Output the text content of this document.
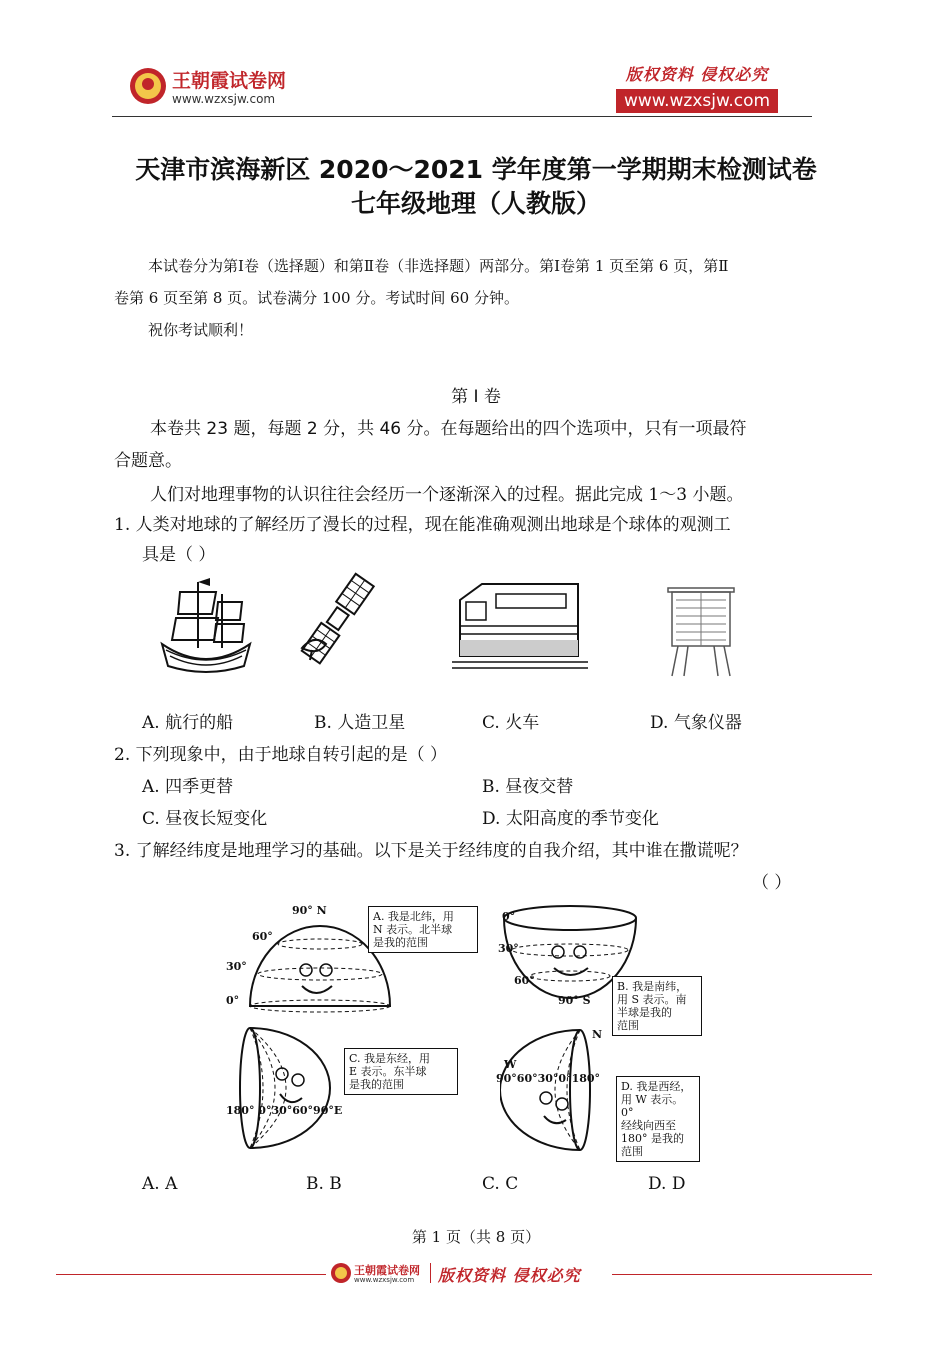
王朝霞试卷网
www.wzxsjw.com
版权资料 侵权必究
www.wzxsjw.com
天津市滨海新区 2020～2021 学年度第一学期期末检测试卷
七年级地理（人教版）
本试卷分为第Ⅰ卷（选择题）和第Ⅱ卷（非选择题）两部分。第Ⅰ卷第 1 页至第 6 页，第Ⅱ
卷第 6 页至第 8 页。试卷满分 100 分。考试时间 60 分钟。
祝你考试顺利！
第 Ⅰ 卷
本卷共 23 题，每题 2 分，共 46 分。在每题给出的四个选项中，只有一项最符
合题意。
人们对地理事物的认识往往会经历一个逐渐深入的过程。据此完成 1～3 小题。
1. 人类对地球的了解经历了漫长的过程，现在能准确观测出地球是个球体的观测工
具是（ ）
A. 航行的船	B. 人造卫星	C. 火车	D. 气象仪器
2. 下列现象中，由于地球自转引起的是（ ）
A. 四季更替	B. 昼夜交替
C. 昼夜长短变化	D. 太阳高度的季节变化
3. 了解经纬度是地理学习的基础。以下是关于经纬度的自我介绍，其中谁在撒谎呢？
（ ）
90° N
60°
30°
0°
A. 我是北纬，用
N 表示。北半球
是我的范围
0°
30°
60°
90° S
B. 我是南纬，
用 S 表示。南
半球是我的
范围
180° 0°30°60°90°E
C. 我是东经，用
E 表示。东半球
是我的范围
W
N
90°60°30°0°180°
D. 我是西经，
用 W 表示。0°
经线向西至
180° 是我的
范围
A. A	B. B	C. C	D. D
第 1 页（共 8 页）
王朝霞试卷网
www.wzxsjw.com 版权资料 侵权必究
